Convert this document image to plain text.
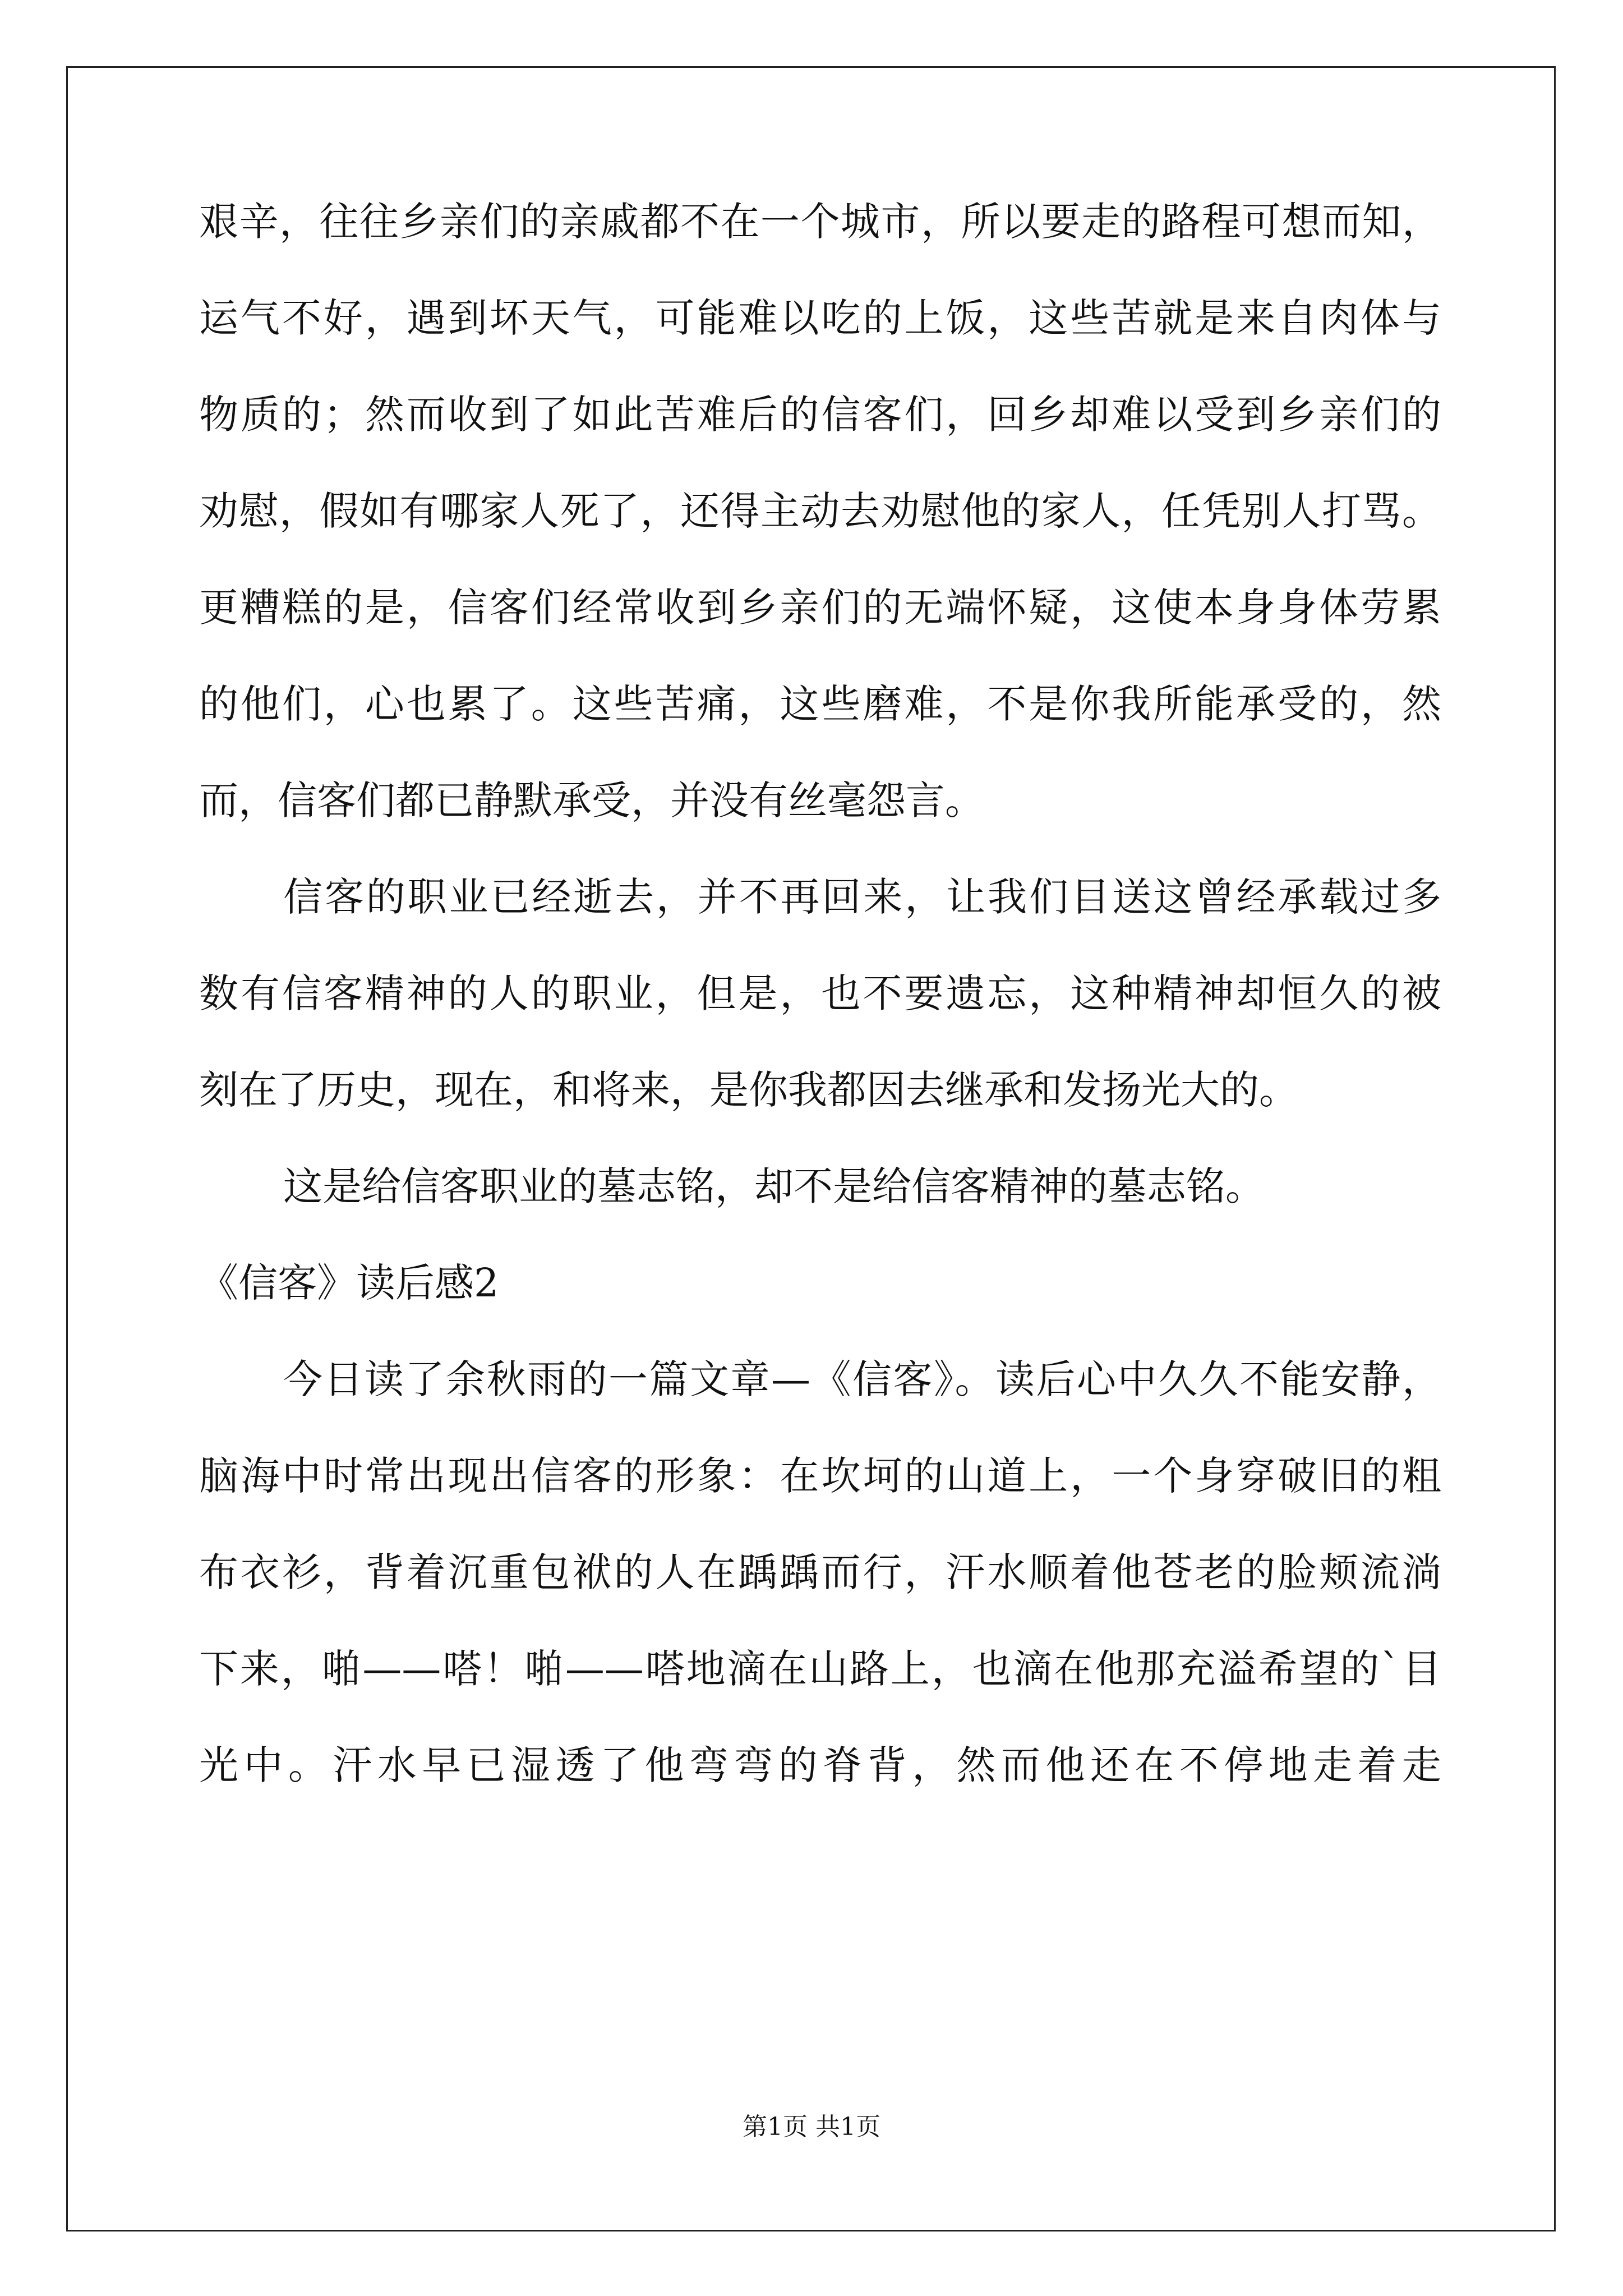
艰辛，往往乡亲们的亲戚都不在一个城市，所以要走的路程可想而知，
运气不好，遇到坏天气，可能难以吃的上饭，这些苦就是来自肉体与
物质的；然而收到了如此苦难后的信客们，回乡却难以受到乡亲们的
劝慰，假如有哪家人死了，还得主动去劝慰他的家人，任凭别人打骂。
更糟糕的是，信客们经常收到乡亲们的无端怀疑，这使本身身体劳累
的他们，心也累了。这些苦痛，这些磨难，不是你我所能承受的，然
而，信客们都已静默承受，并没有丝毫怨言。
信客的职业已经逝去，并不再回来，让我们目送这曾经承载过多
数有信客精神的人的职业，但是，也不要遗忘，这种精神却恒久的被
刻在了历史，现在，和将来，是你我都因去继承和发扬光大的。
这是给信客职业的墓志铭，却不是给信客精神的墓志铭。
《信客》读后感2
今日读了余秋雨的一篇文章—《信客》。读后心中久久不能安静，
脑海中时常出现出信客的形象：在坎坷的山道上，一个身穿破旧的粗
布衣衫，背着沉重包袱的人在踽踽而行，汗水顺着他苍老的脸颊流淌
下来，啪——嗒！啪——嗒地滴在山路上，也滴在他那充溢希望的`目
光中。汗水早已湿透了他弯弯的脊背，然而他还在不停地走着走
第1页 共1页
